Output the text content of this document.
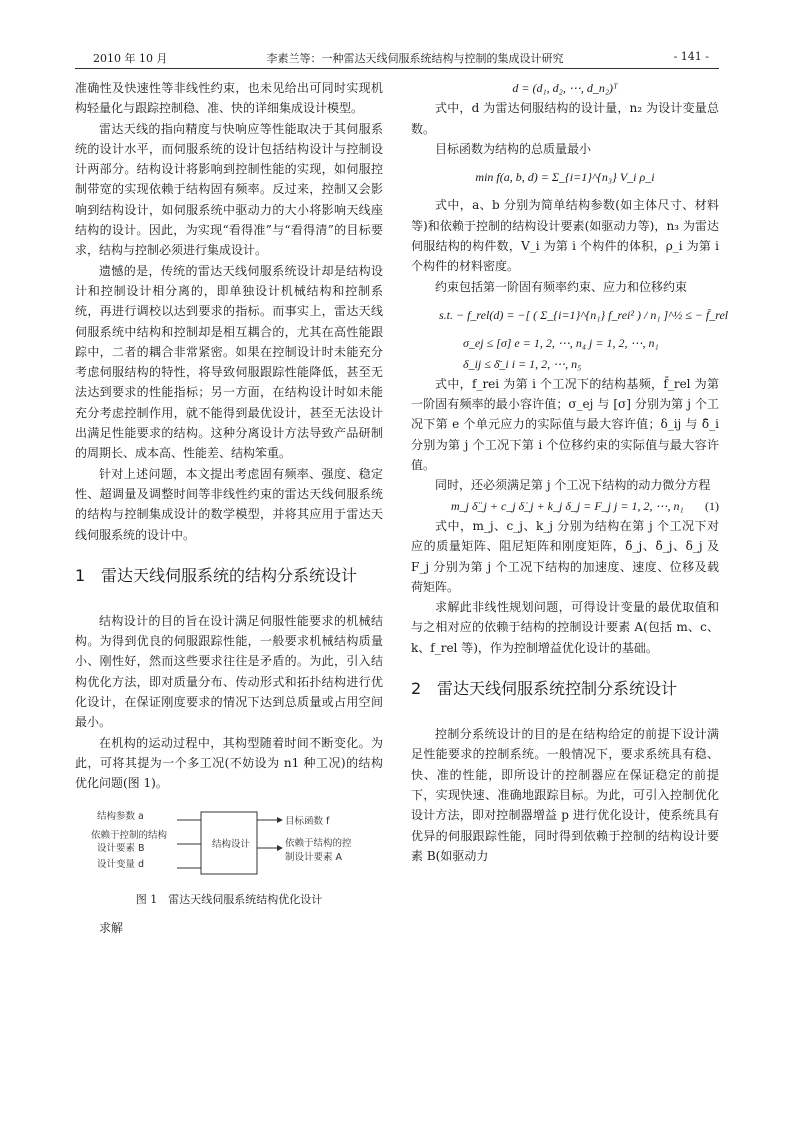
2010 年 10 月	李素兰等：一种雷达天线伺服系统结构与控制的集成设计研究	- 141 -

准确性及快速性等非线性约束，也未见给出可同时实现机构轻量化与跟踪控制稳、准、快的详细集成设计模型。

雷达天线的指向精度与快响应等性能取决于其伺服系统的设计水平，而伺服系统的设计包括结构设计与控制设计两部分。结构设计将影响到控制性能的实现，如伺服控制带宽的实现依赖于结构固有频率。反过来，控制又会影响到结构设计，如伺服系统中驱动力的大小将影响天线座结构的设计。因此，为实现“看得准”与“看得清”的目标要求，结构与控制必须进行集成设计。

遗憾的是，传统的雷达天线伺服系统设计却是结构设计和控制设计相分离的，即单独设计机械结构和控制系统，再进行调校以达到要求的指标。而事实上，雷达天线伺服系统中结构和控制却是相互耦合的，尤其在高性能跟踪中，二者的耦合非常紧密。如果在控制设计时未能充分考虑伺服结构的特性，将导致伺服跟踪性能降低，甚至无法达到要求的性能指标；另一方面，在结构设计时如未能充分考虑控制作用，就不能得到最优设计，甚至无法设计出满足性能要求的结构。这种分离设计方法导致产品研制的周期长、成本高、性能差、结构笨重。

针对上述问题，本文提出考虑固有频率、强度、稳定性、超调量及调整时间等非线性约束的雷达天线伺服系统的结构与控制集成设计的数学模型，并将其应用于雷达天线伺服系统的设计中。

1 雷达天线伺服系统的结构分系统设计

结构设计的目的旨在设计满足伺服性能要求的机械结构。为得到优良的伺服跟踪性能，一般要求机械结构质量小、刚性好，然而这些要求往往是矛盾的。为此，引入结构优化方法，即对质量分布、传动形式和拓扑结构进行优化设计，在保证刚度要求的情况下达到总质量或占用空间最小。

在机构的运动过程中，其构型随着时间不断变化。为此，可将其提为一个多工况(不妨设为 n1 种工况)的结构优化问题(图 1)。

结构参数 a
依赖于控制的结构
设计要素 B
设计变量 d
结构设计
目标函数 f
依赖于结构的控
制设计要素 A
图 1　雷达天线伺服系统结构优化设计

求解

d = (d₁, d₂, ⋯, d_n₂)ᵀ

式中，d 为雷达伺服结构的设计量，n₂ 为设计变量总数。

目标函数为结构的总质量最小

min f(a, b, d) = Σ_{i=1}^{n₃} V_i ρ_i

式中，a、b 分别为简单结构参数(如主体尺寸、材料等)和依赖于控制的结构设计要素(如驱动力等)，n₃ 为雷达伺服结构的构件数，V_i 为第 i 个构件的体积，ρ_i 为第 i 个构件的材料密度。

约束包括第一阶固有频率约束、应力和位移约束

s.t. − f_rel(d) = −[ ( Σ_{i=1}^{n₁} f_rei² ) / n₁ ]^½ ≤ − f̄_rel

σ_ej ≤ [σ] e = 1, 2, ⋯, n₄ j = 1, 2, ⋯, n₁

δ_ij ≤ δ̄_i i = 1, 2, ⋯, n₅

式中，f_rei 为第 i 个工况下的结构基频，f̄_rel 为第一阶固有频率的最小容许值；σ_ej 与 [σ] 分别为第 j 个工况下第 e 个单元应力的实际值与最大容许值；δ_ij 与 δ̄_i 分别为第 j 个工况下第 i 个位移约束的实际值与最大容许值。

同时，还必须满足第 j 个工况下结构的动力微分方程

m_j δ̈_j + c_j δ̇_j + k_j δ_j = F_j j = 1, 2, ⋯, n₁ (1)

式中，m_j、c_j、k_j 分别为结构在第 j 个工况下对应的质量矩阵、阻尼矩阵和刚度矩阵，δ̈_j、δ̇_j、δ_j 及 F_j 分别为第 j 个工况下结构的加速度、速度、位移及载荷矩阵。

求解此非线性规划问题，可得设计变量的最优取值和与之相对应的依赖于结构的控制设计要素 A(包括 m、c、k、f_rel 等)，作为控制增益优化设计的基础。

2 雷达天线伺服系统控制分系统设计

控制分系统设计的目的是在结构给定的前提下设计满足性能要求的控制系统。一般情况下，要求系统具有稳、快、准的性能，即所设计的控制器应在保证稳定的前提下，实现快速、准确地跟踪目标。为此，可引入控制优化设计方法，即对控制器增益 p 进行优化设计，使系统具有优异的伺服跟踪性能，同时得到依赖于控制的结构设计要素 B(如驱动力
